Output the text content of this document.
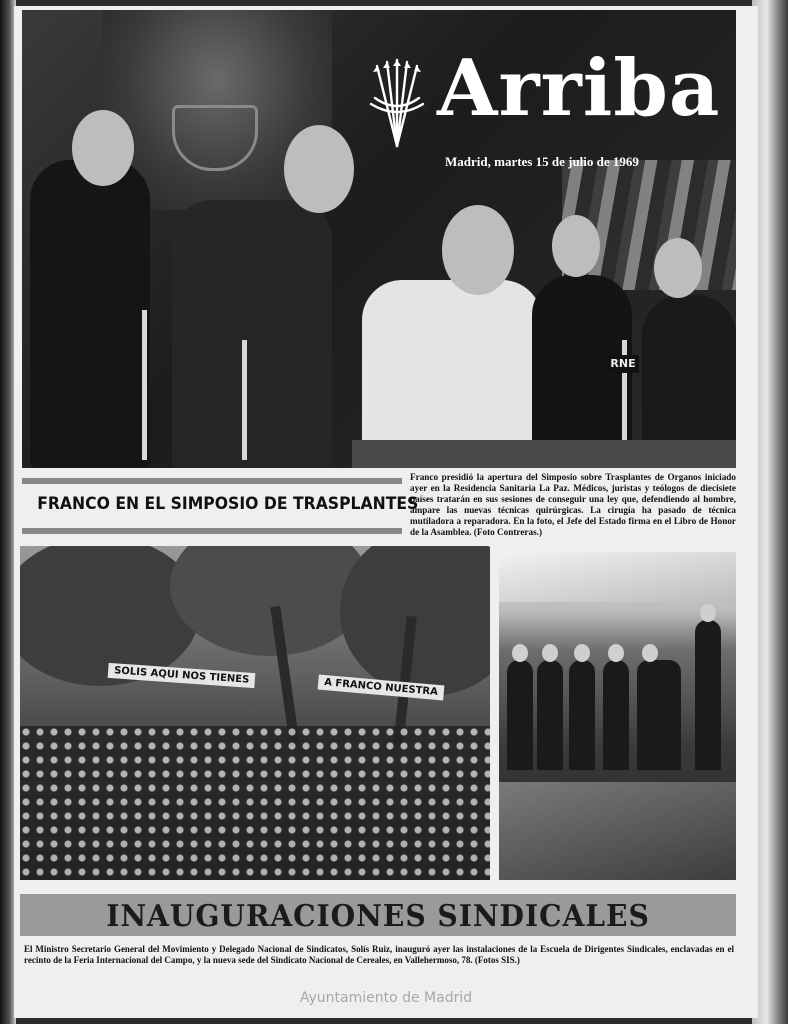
RNE
Arriba
Madrid, martes 15 de julio de 1969
FRANCO EN EL SIMPOSIO DE TRASPLANTES
Franco presidió la apertura del Simposio sobre Trasplantes de Organos iniciado ayer en la Residencia Sanitaria La Paz. Médicos, juristas y teólogos de diecisiete países tratarán en sus sesiones de conseguir una ley que, defendiendo al hombre, ampare las nuevas técnicas quirúrgicas. La cirugía ha pasado de técnica mutiladora a reparadora. En la foto, el Jefe del Estado firma en el Libro de Honor de la Asamblea. (Foto Contreras.)
SOLIS AQUI NOS TIENES
A FRANCO NUESTRA
INAUGURACIONES SINDICALES
El Ministro Secretario General del Movimiento y Delegado Nacional de Sindicatos, Solís Ruiz, inauguró ayer las instalaciones de la Escuela de Dirigentes Sindicales, enclavadas en el recinto de la Feria Internacional del Campo, y la nueva sede del Sindicato Nacional de Cereales, en Vallehermoso, 78. (Fotos SIS.)
Ayuntamiento de Madrid
